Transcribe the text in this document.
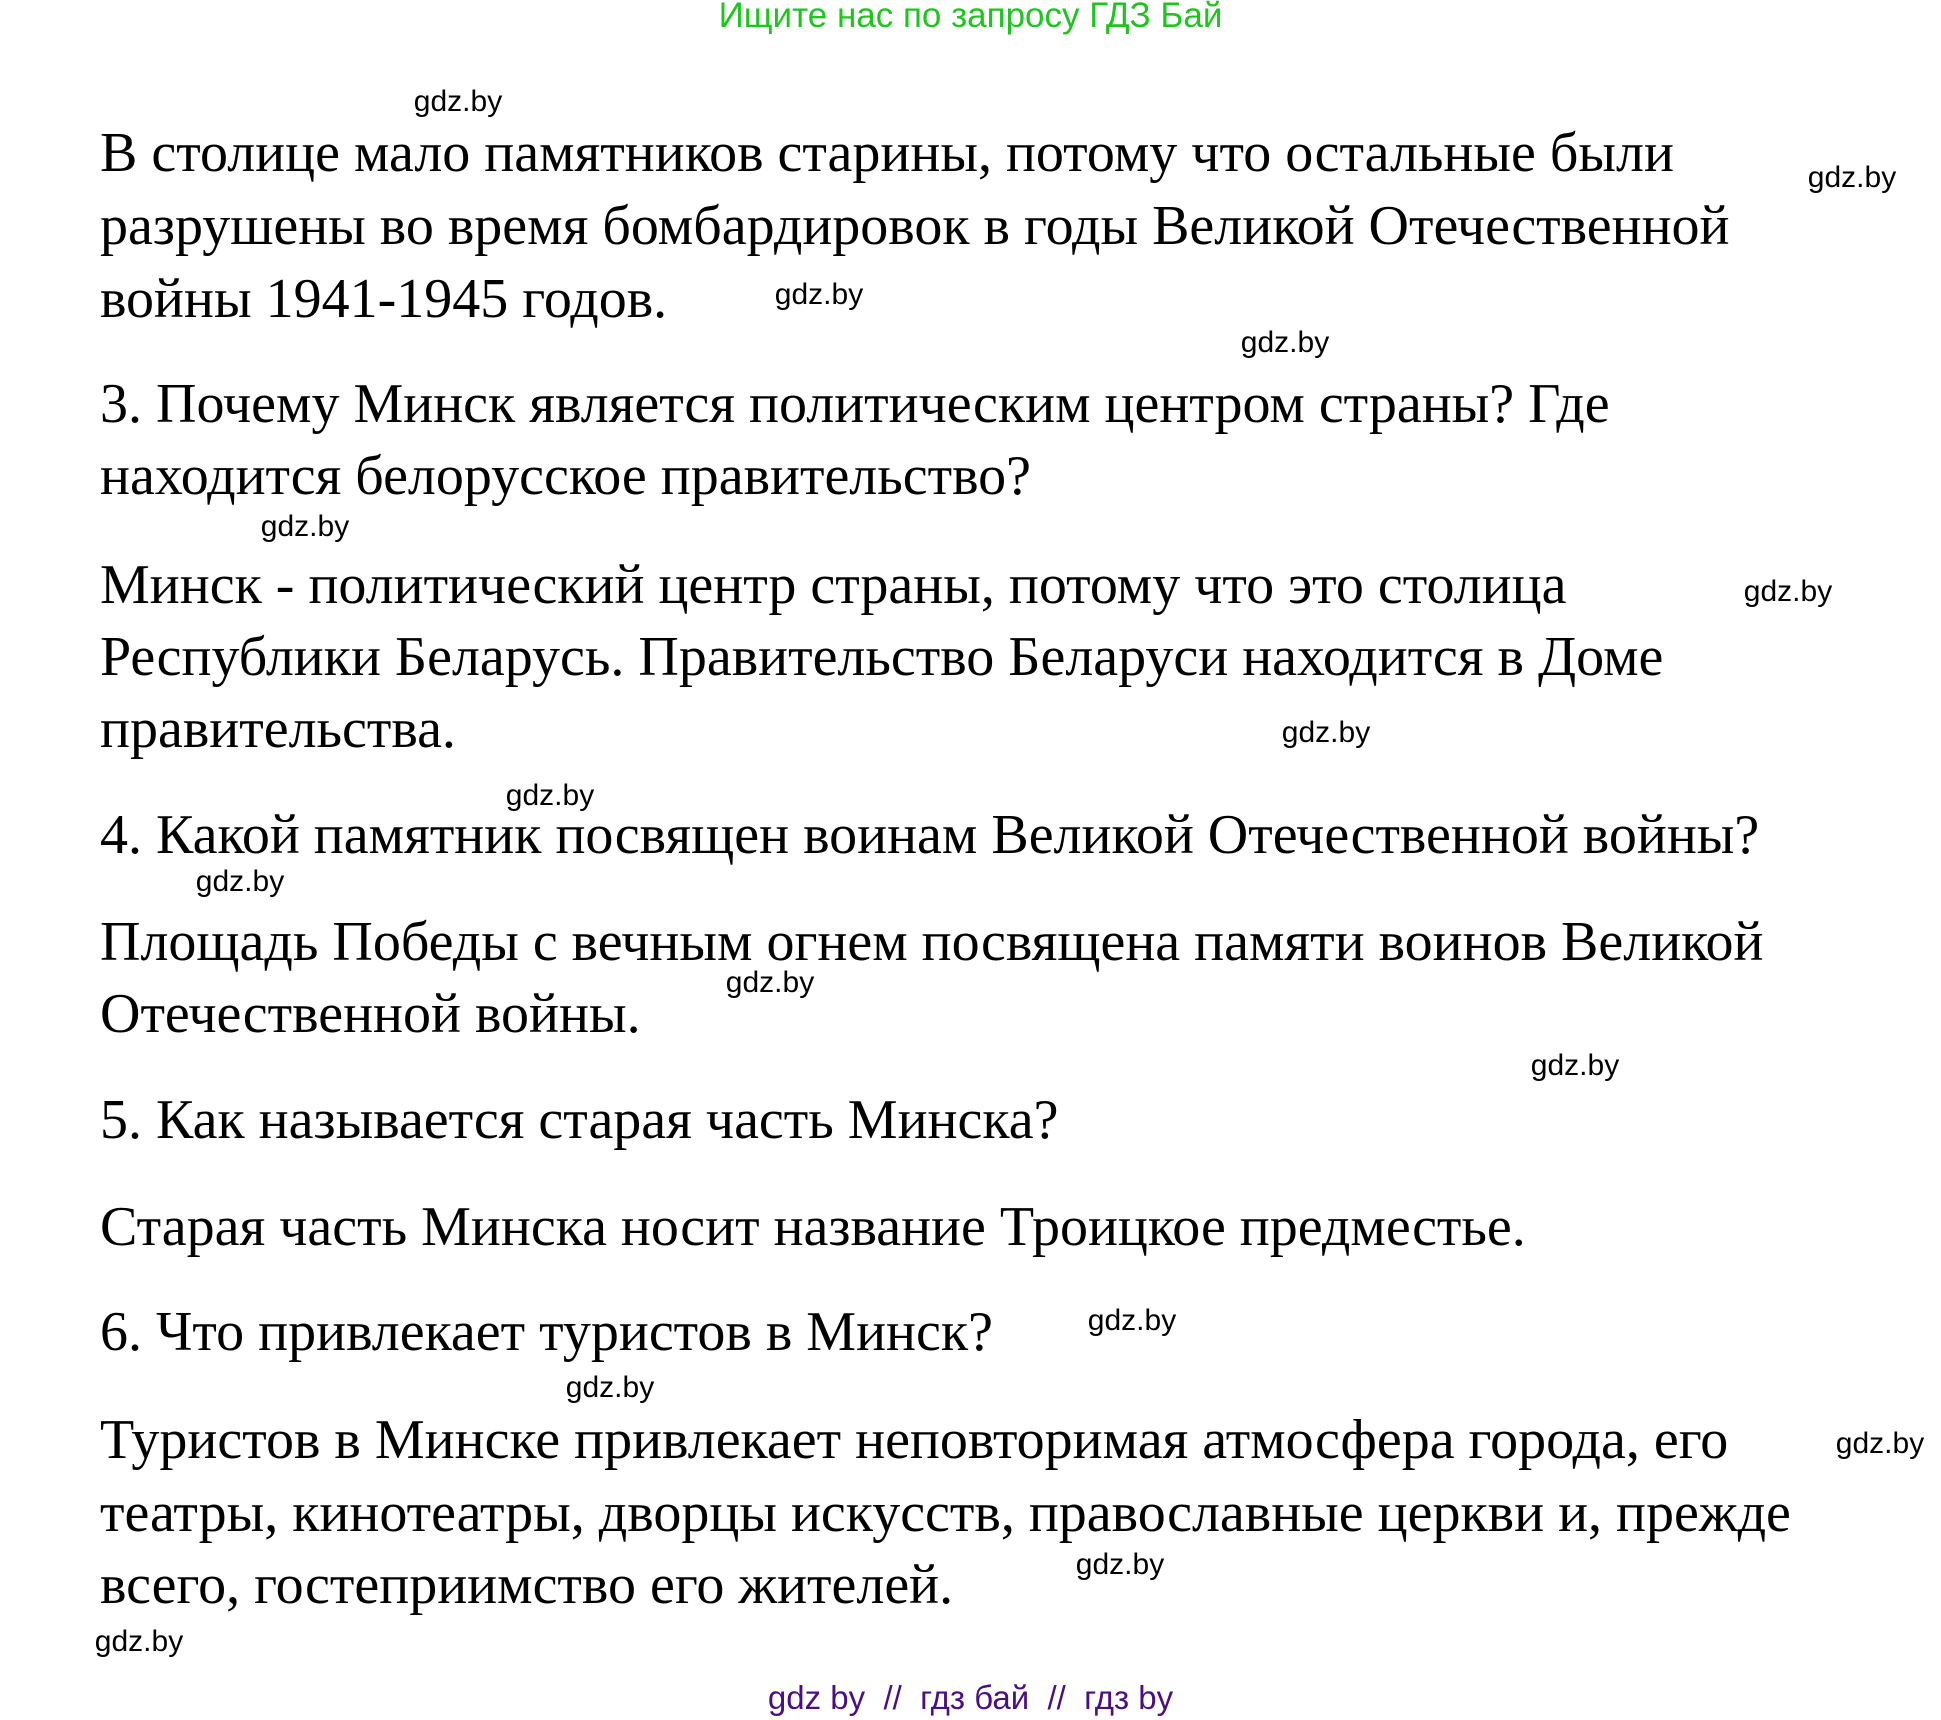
Ищите нас по запросу ГДЗ Бай
В столице мало памятников старины, потому что остальные были
разрушены во время бомбардировок в годы Великой Отечественной
войны 1941-1945 годов.
3. Почему Минск является политическим центром страны? Где
находится белорусское правительство?
Минск - политический центр страны, потому что это столица
Республики Беларусь. Правительство Беларуси находится в Доме
правительства.
4. Какой памятник посвящен воинам Великой Отечественной войны?
Площадь Победы с вечным огнем посвящена памяти воинов Великой
Отечественной войны.
5. Как называется старая часть Минска?
Старая часть Минска носит название Троицкое предместье.
6. Что привлекает туристов в Минск?
Туристов в Минске привлекает неповторимая атмосфера города, его
театры, кинотеатры, дворцы искусств, православные церкви и, прежде
всего, гостеприимство его жителей.
gdz.by
gdz.by
gdz.by
gdz.by
gdz.by
gdz.by
gdz.by
gdz.by
gdz.by
gdz.by
gdz.by
gdz.by
gdz.by
gdz.by
gdz.by
gdz.by
gdz by  //  гдз бай  //  гдз by
